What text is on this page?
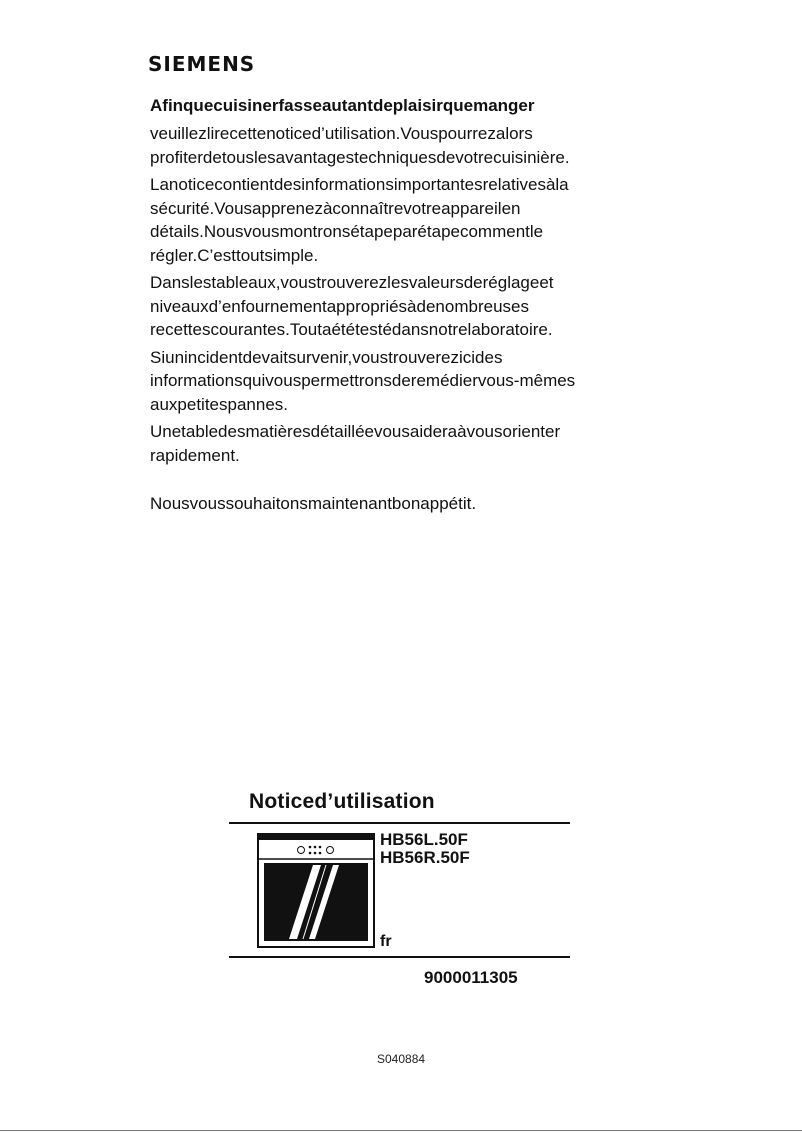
SIEMENS

Afinquecuisinerfasseautantdeplaisirquemanger

veuillezlirecettenoticed’utilisation.Vouspourrezalors profiterdetouslesavantagestechniquesdevotrecuisinière.

Lanoticecontientdesinformationsimportantesrelativesàla sécurité.Vousapprenezàconnaîtrevotreappareilen détails.Nousvousmontronsétapeparétapecommentle régler.C’esttoutsimple.

Danslestableaux,voustrouverezlesvaleursderéglageet niveauxd’enfournementappropriésàdenombreuses recettescourantes.Toutaététestédansnotrelaboratoire.

Siunincidentdevaitsurvenir,voustrouverezicides informationsquivouspermettronsderemédiervous-mêmes auxpetitespannes.

Unetabledesmatièresdétailléevousaideraàvousorienter rapidement.

Nousvoussouhaitonsmaintenantbonappétit.
Noticed’utilisation
HB56L.50F
HB56R.50F
fr
9000011305
S040884
